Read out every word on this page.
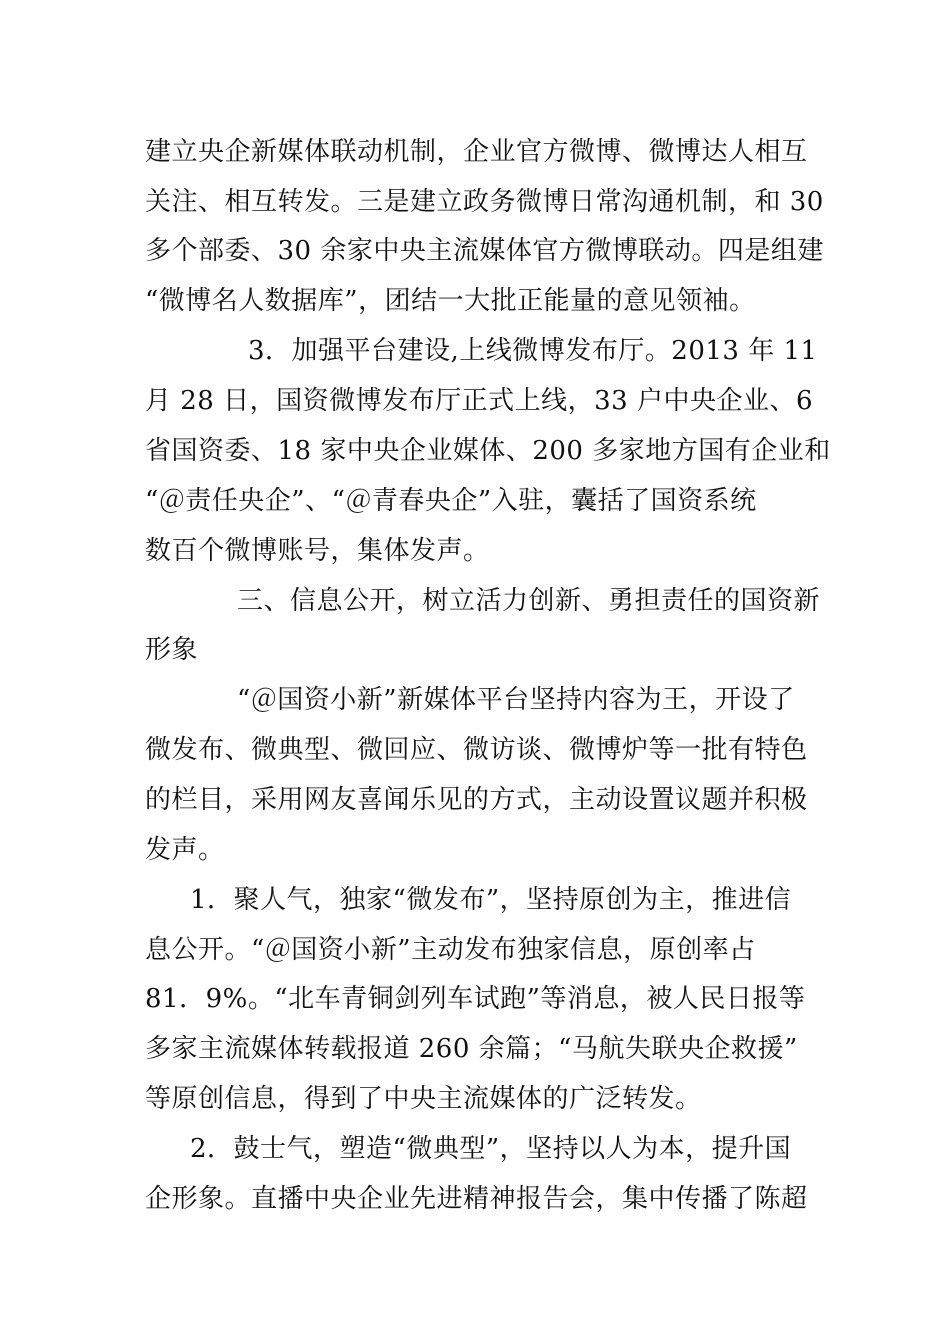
建立央企新媒体联动机制，企业官方微博、微博达人相互
关注、相互转发。三是建立政务微博日常沟通机制，和 30
多个部委、30 余家中央主流媒体官方微博联动。四是组建
“微博名人数据库”，团结一大批正能量的意见领袖。
3．加强平台建设,上线微博发布厅。2013 年 11
月 28 日，国资微博发布厅正式上线，33 户中央企业、6
省国资委、18 家中央企业媒体、200 多家地方国有企业和
“＠责任央企”、“＠青春央企”入驻，囊括了国资系统
数百个微博账号，集体发声。
三、信息公开，树立活力创新、勇担责任的国资新
形象
“＠国资小新”新媒体平台坚持内容为王，开设了
微发布、微典型、微回应、微访谈、微博炉等一批有特色
的栏目，采用网友喜闻乐见的方式，主动设置议题并积极
发声。
1．聚人气，独家“微发布”，坚持原创为主，推进信
息公开。“＠国资小新”主动发布独家信息，原创率占
81．9%。“北车青铜剑列车试跑”等消息，被人民日报等
多家主流媒体转载报道 260 余篇；“马航失联央企救援”
等原创信息，得到了中央主流媒体的广泛转发。
2．鼓士气，塑造“微典型”，坚持以人为本，提升国
企形象。直播中央企业先进精神报告会，集中传播了陈超
